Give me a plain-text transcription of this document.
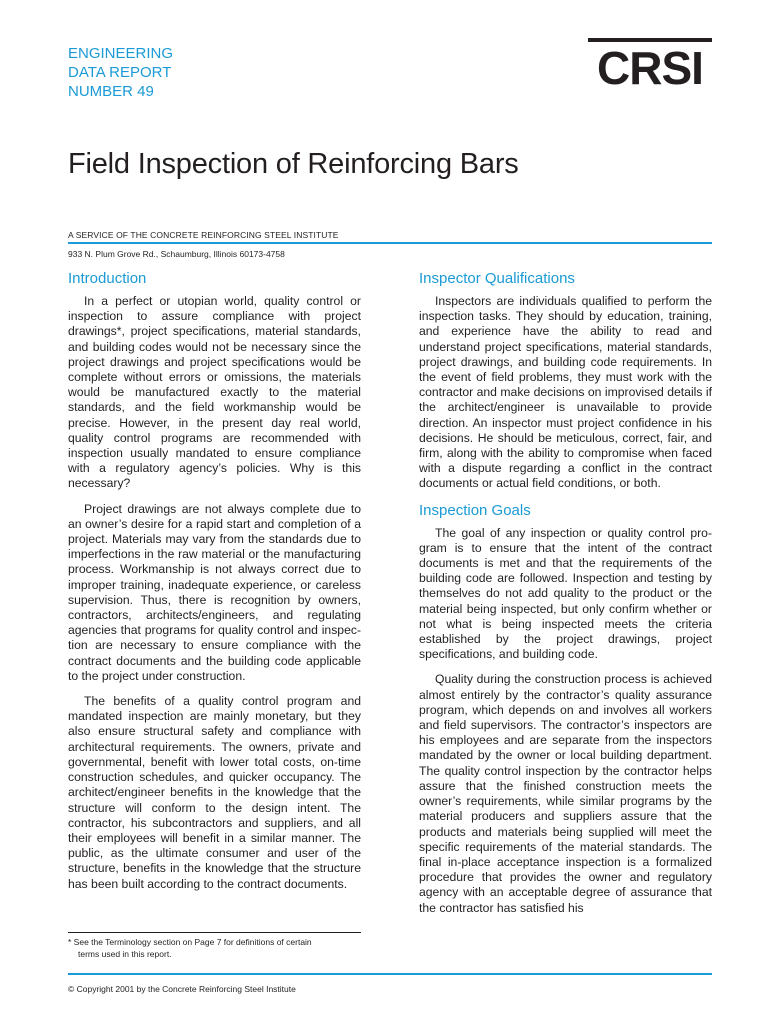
ENGINEERING
DATA REPORT
NUMBER 49	CRSI
Field Inspection of Reinforcing Bars
A SERVICE OF THE CONCRETE REINFORCING STEEL INSTITUTE
933 N. Plum Grove Rd., Schaumburg, Illinois 60173-4758
Introduction

In a perfect or utopian world, quality control or inspection to assure compliance with project drawings*, project specifications, material standards, and building codes would not be necessary since the project drawings and project specifications would be complete without errors or omissions, the materials would be manufactured exactly to the material standards, and the field workmanship would be precise. However, in the present day real world, quality control programs are recommended with inspection usually mandated to ensure compliance with a regulatory agency’s policies. Why is this necessary?

Project drawings are not always complete due to an owner’s desire for a rapid start and completion of a project. Materials may vary from the standards due to imperfections in the raw material or the manufacturing process. Workmanship is not always correct due to improper training, inadequate experience, or careless supervision. Thus, there is recognition by owners, contractors, architects/engineers, and regulating agencies that programs for quality control and inspection are necessary to ensure compliance with the contract documents and the building code applicable to the project under construction.

The benefits of a quality control program and mandated inspection are mainly monetary, but they also ensure structural safety and compliance with architectural requirements. The owners, private and governmental, benefit with lower total costs, on-time construction schedules, and quicker occupancy. The architect/engineer benefits in the knowledge that the structure will conform to the design intent. The contractor, his subcontractors and suppliers, and all their employees will benefit in a similar manner. The public, as the ultimate consumer and user of the structure, benefits in the knowledge that the structure has been built according to the contract documents.

* See the Terminology section on Page 7 for definitions of certain
terms used in this report.
Inspector Qualifications

Inspectors are individuals qualified to perform the inspection tasks. They should by education, training, and experience have the ability to read and understand project specifications, material standards, project drawings, and building code requirements. In the event of field problems, they must work with the contractor and make decisions on improvised details if the architect/engineer is unavailable to provide direction. An inspector must project confidence in his decisions. He should be meticulous, correct, fair, and firm, along with the ability to compromise when faced with a dispute regarding a conflict in the contract documents or actual field conditions, or both.

Inspection Goals

The goal of any inspection or quality control program is to ensure that the intent of the contract documents is met and that the requirements of the building code are followed. Inspection and testing by themselves do not add quality to the product or the material being inspected, but only confirm whether or not what is being inspected meets the criteria established by the project drawings, project specifications, and building code.

Quality during the construction process is achieved almost entirely by the contractor’s quality assurance program, which depends on and involves all workers and field supervisors. The contractor’s inspectors are his employees and are separate from the inspectors mandated by the owner or local building department. The quality control inspection by the contractor helps assure that the finished construction meets the owner’s requirements, while similar programs by the material producers and suppliers assure that the products and materials being supplied will meet the specific requirements of the material standards. The final in-place acceptance inspection is a formalized procedure that provides the owner and regulatory agency with an acceptable degree of assurance that the contractor has satisfied his

© Copyright 2001 by the Concrete Reinforcing Steel Institute
